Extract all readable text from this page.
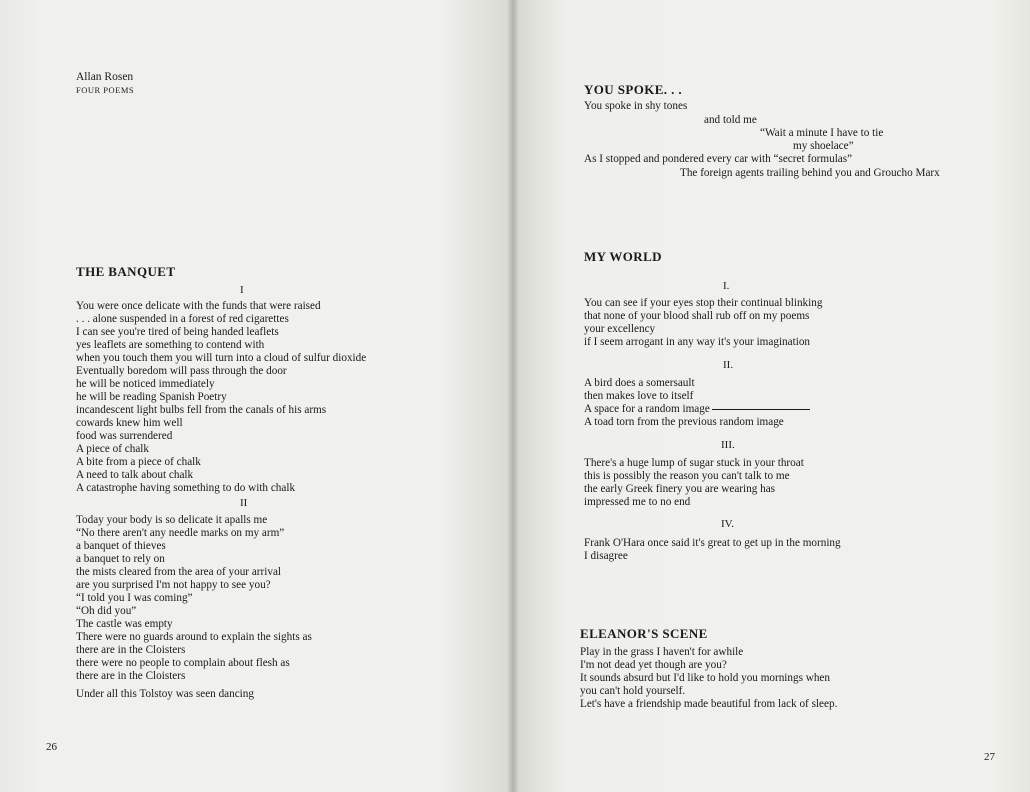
Allan Rosen
FOUR POEMS
THE BANQUET
I
You were once delicate with the funds that were raised
. . . alone suspended in a forest of red cigarettes
I can see you're tired of being handed leaflets
yes leaflets are something to contend with
when you touch them you will turn into a cloud of sulfur dioxide
Eventually boredom will pass through the door
he will be noticed immediately
he will be reading Spanish Poetry
incandescent light bulbs fell from the canals of his arms
cowards knew him well
food was surrendered
A piece of chalk
A bite from a piece of chalk
A need to talk about chalk
A catastrophe having something to do with chalk
II
Today your body is so delicate it apalls me
“No there aren't any needle marks on my arm”
a banquet of thieves
a banquet to rely on
the mists cleared from the area of your arrival
are you surprised I'm not happy to see you?
“I told you I was coming”
“Oh did you”
The castle was empty
There were no guards around to explain the sights as
there are in the Cloisters
there were no people to complain about flesh as
there are in the Cloisters
Under all this Tolstoy was seen dancing
26
YOU SPOKE. . .
You spoke in shy tones
and told me
“Wait a minute I have to tie
my shoelace”
As I stopped and pondered every car with “secret formulas”
The foreign agents trailing behind you and Groucho Marx
MY WORLD
I.
You can see if your eyes stop their continual blinking
that none of your blood shall rub off on my poems
your excellency
if I seem arrogant in any way it's your imagination
II.
A bird does a somersault
then makes love to itself
A space for a random image
A toad torn from the previous random image
III.
There's a huge lump of sugar stuck in your throat
this is possibly the reason you can't talk to me
the early Greek finery you are wearing has
impressed me to no end
IV.
Frank O'Hara once said it's great to get up in the morning
I disagree
ELEANOR'S SCENE
Play in the grass I haven't for awhile
I'm not dead yet though are you?
It sounds absurd but I'd like to hold you mornings when
you can't hold yourself.
Let's have a friendship made beautiful from lack of sleep.
27
